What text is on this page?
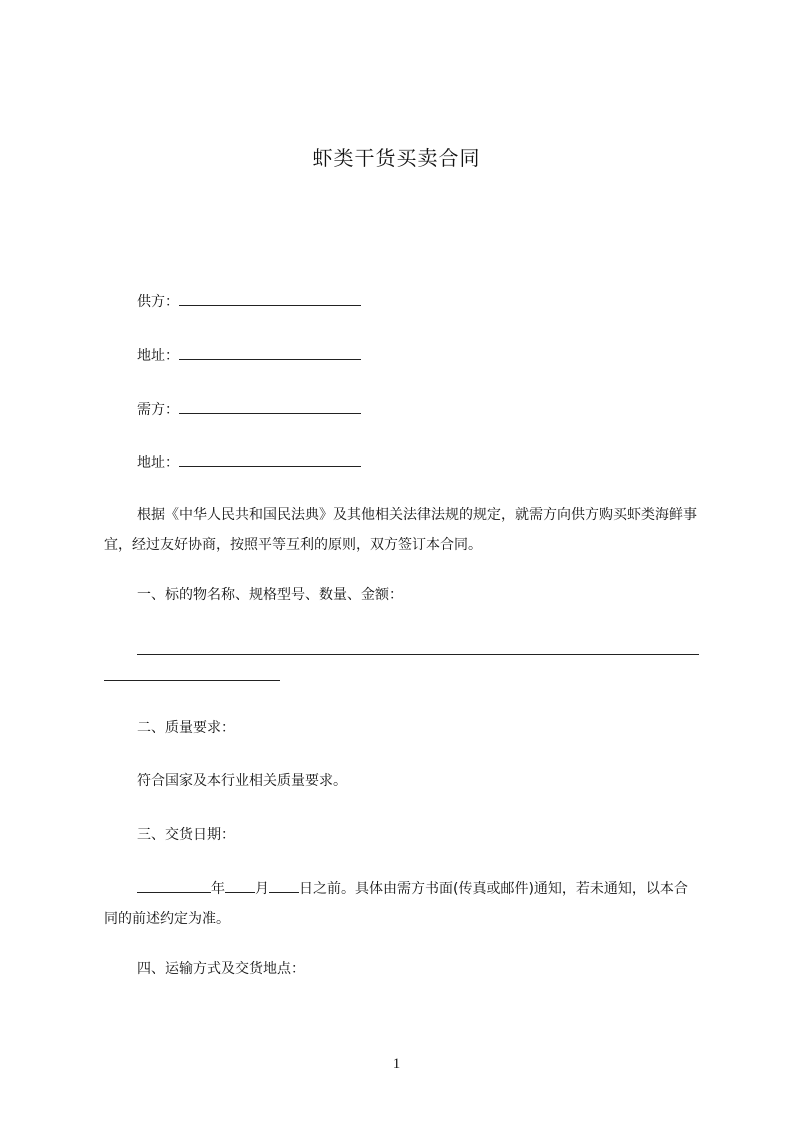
虾类干货买卖合同
供方：
地址：
需方：
地址：
根据《中华人民共和国民法典》及其他相关法律法规的规定，就需方向供方购买虾类海鲜事宜，经过友好协商，按照平等互利的原则，双方签订本合同。
一、标的物名称、规格型号、数量、金额：
二、质量要求：
符合国家及本行业相关质量要求。
三、交货日期：
年 月 日之前。具体由需方书面(传真或邮件)通知，若未通知，以本合同的前述约定为准。
四、运输方式及交货地点：
1
